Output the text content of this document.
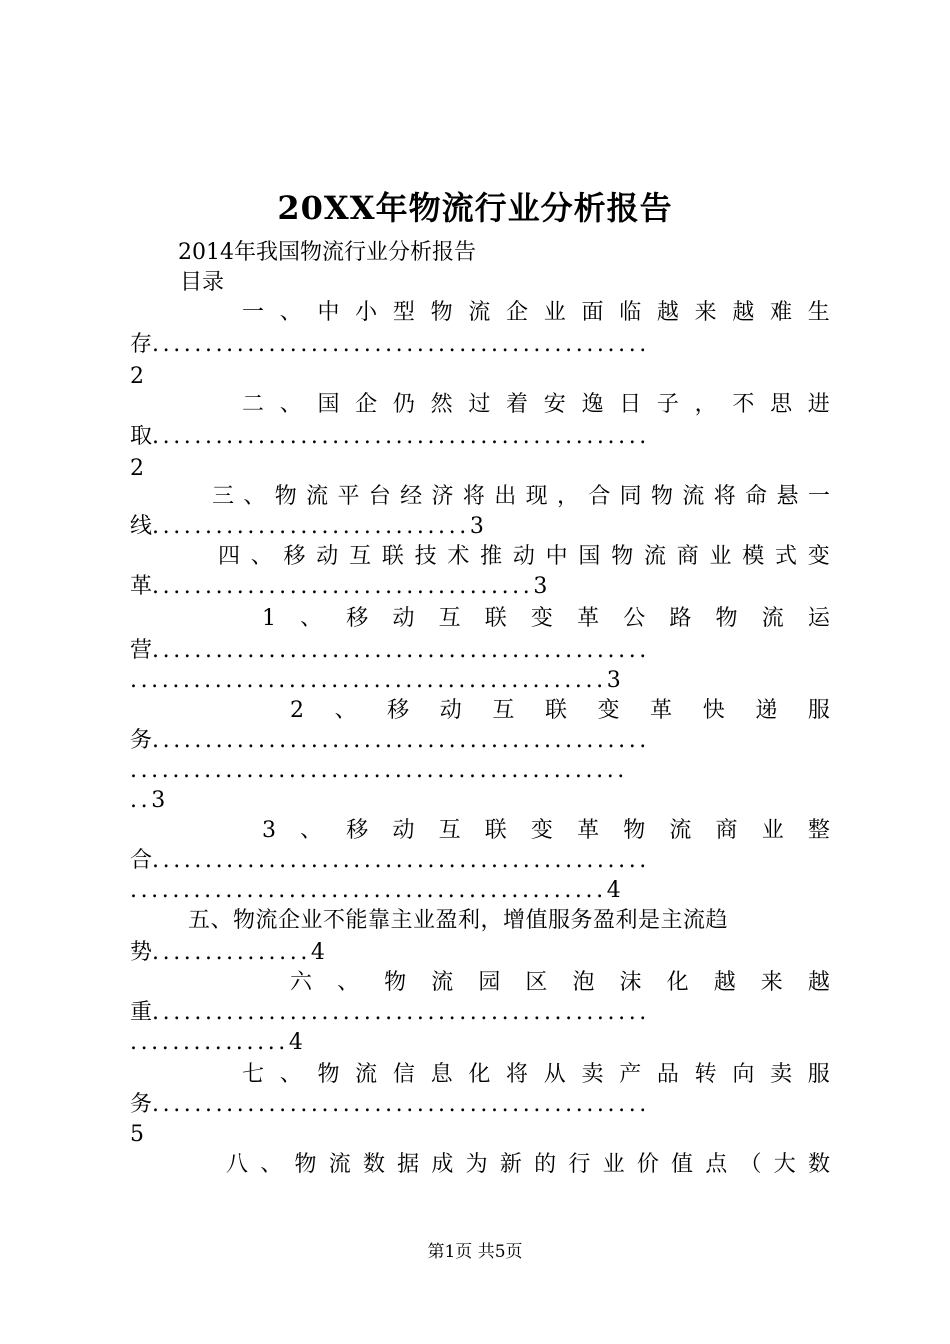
20XX年物流行业分析报告
2014年我国物流行业分析报告
目录
一 、 中 小 型 物 流 企 业 面 临 越 来 越 难 生
存...............................................
2
二 、 国 企 仍 然 过 着 安 逸 日 子 ， 不 思 进
取...............................................
2
三 、 物 流 平 台 经 济 将 出 现 ， 合 同 物 流 将 命 悬 一
线..............................3
四 、 移 动 互 联 技 术 推 动 中 国 物 流 商 业 模 式 变
革....................................3
1 、 移 动 互 联 变 革 公 路 物 流 运
营...............................................
.............................................3
2 、 移 动 互 联 变 革 快 递 服
务...............................................
...............................................
..3
3 、 移 动 互 联 变 革 物 流 商 业 整
合...............................................
.............................................4
五、物流企业不能靠主业盈利，增值服务盈利是主流趋
势...............4
六 、 物 流 园 区 泡 沫 化 越 来 越
重...............................................
...............4
七 、 物 流 信 息 化 将 从 卖 产 品 转 向 卖 服
务...............................................
5
八 、 物 流 数 据 成 为 新 的 行 业 价 值 点 （ 大 数
第1页 共5页
